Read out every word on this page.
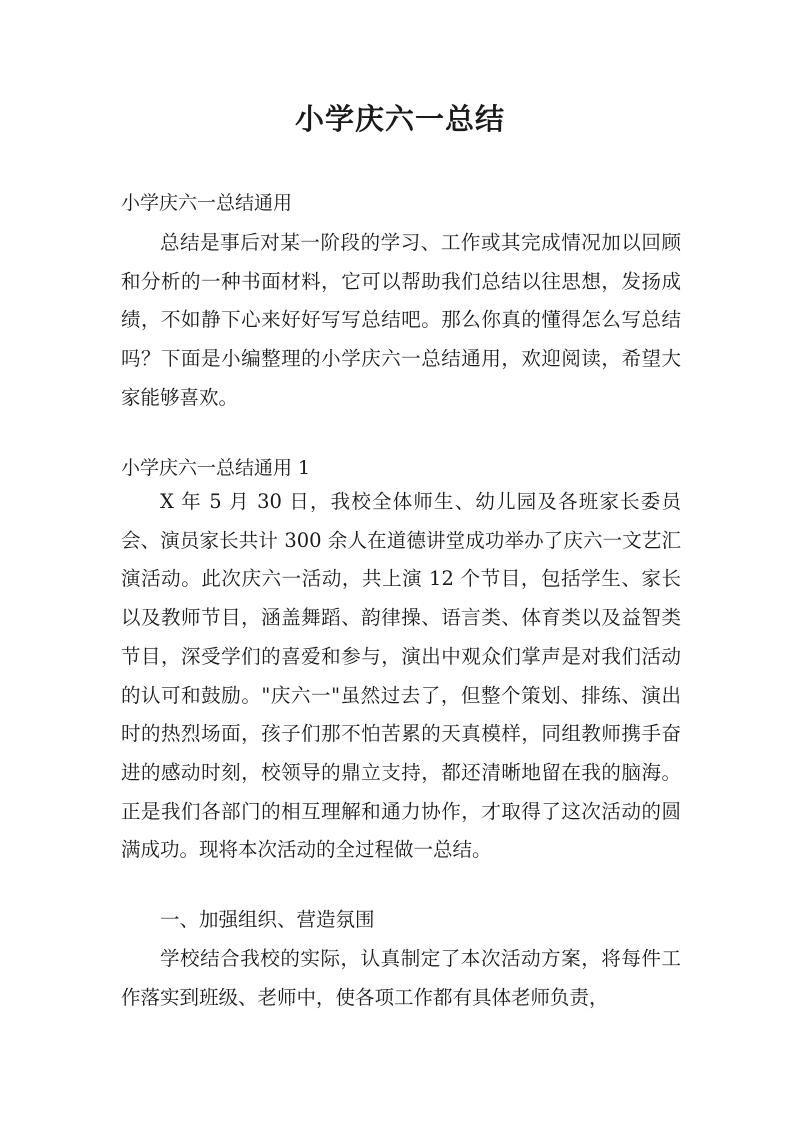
小学庆六一总结

小学庆六一总结通用

总结是事后对某一阶段的学习、工作或其完成情况加以回顾和分析的一种书面材料，它可以帮助我们总结以往思想，发扬成绩，不如静下心来好好写写总结吧。那么你真的懂得怎么写总结吗？下面是小编整理的小学庆六一总结通用，欢迎阅读，希望大家能够喜欢。

小学庆六一总结通用 1

X 年 5 月 30 日，我校全体师生、幼儿园及各班家长委员会、演员家长共计 300 余人在道德讲堂成功举办了庆六一文艺汇演活动。此次庆六一活动，共上演 12 个节目，包括学生、家长以及教师节目，涵盖舞蹈、韵律操、语言类、体育类以及益智类节目，深受学们的喜爱和参与，演出中观众们掌声是对我们活动的认可和鼓励。"庆六一"虽然过去了，但整个策划、排练、演出时的热烈场面，孩子们那不怕苦累的天真模样，同组教师携手奋进的感动时刻，校领导的鼎立支持，都还清晰地留在我的脑海。正是我们各部门的相互理解和通力协作，才取得了这次活动的圆满成功。现将本次活动的全过程做一总结。

一、加强组织、营造氛围

学校结合我校的实际，认真制定了本次活动方案，将每件工作落实到班级、老师中，使各项工作都有具体老师负责，
